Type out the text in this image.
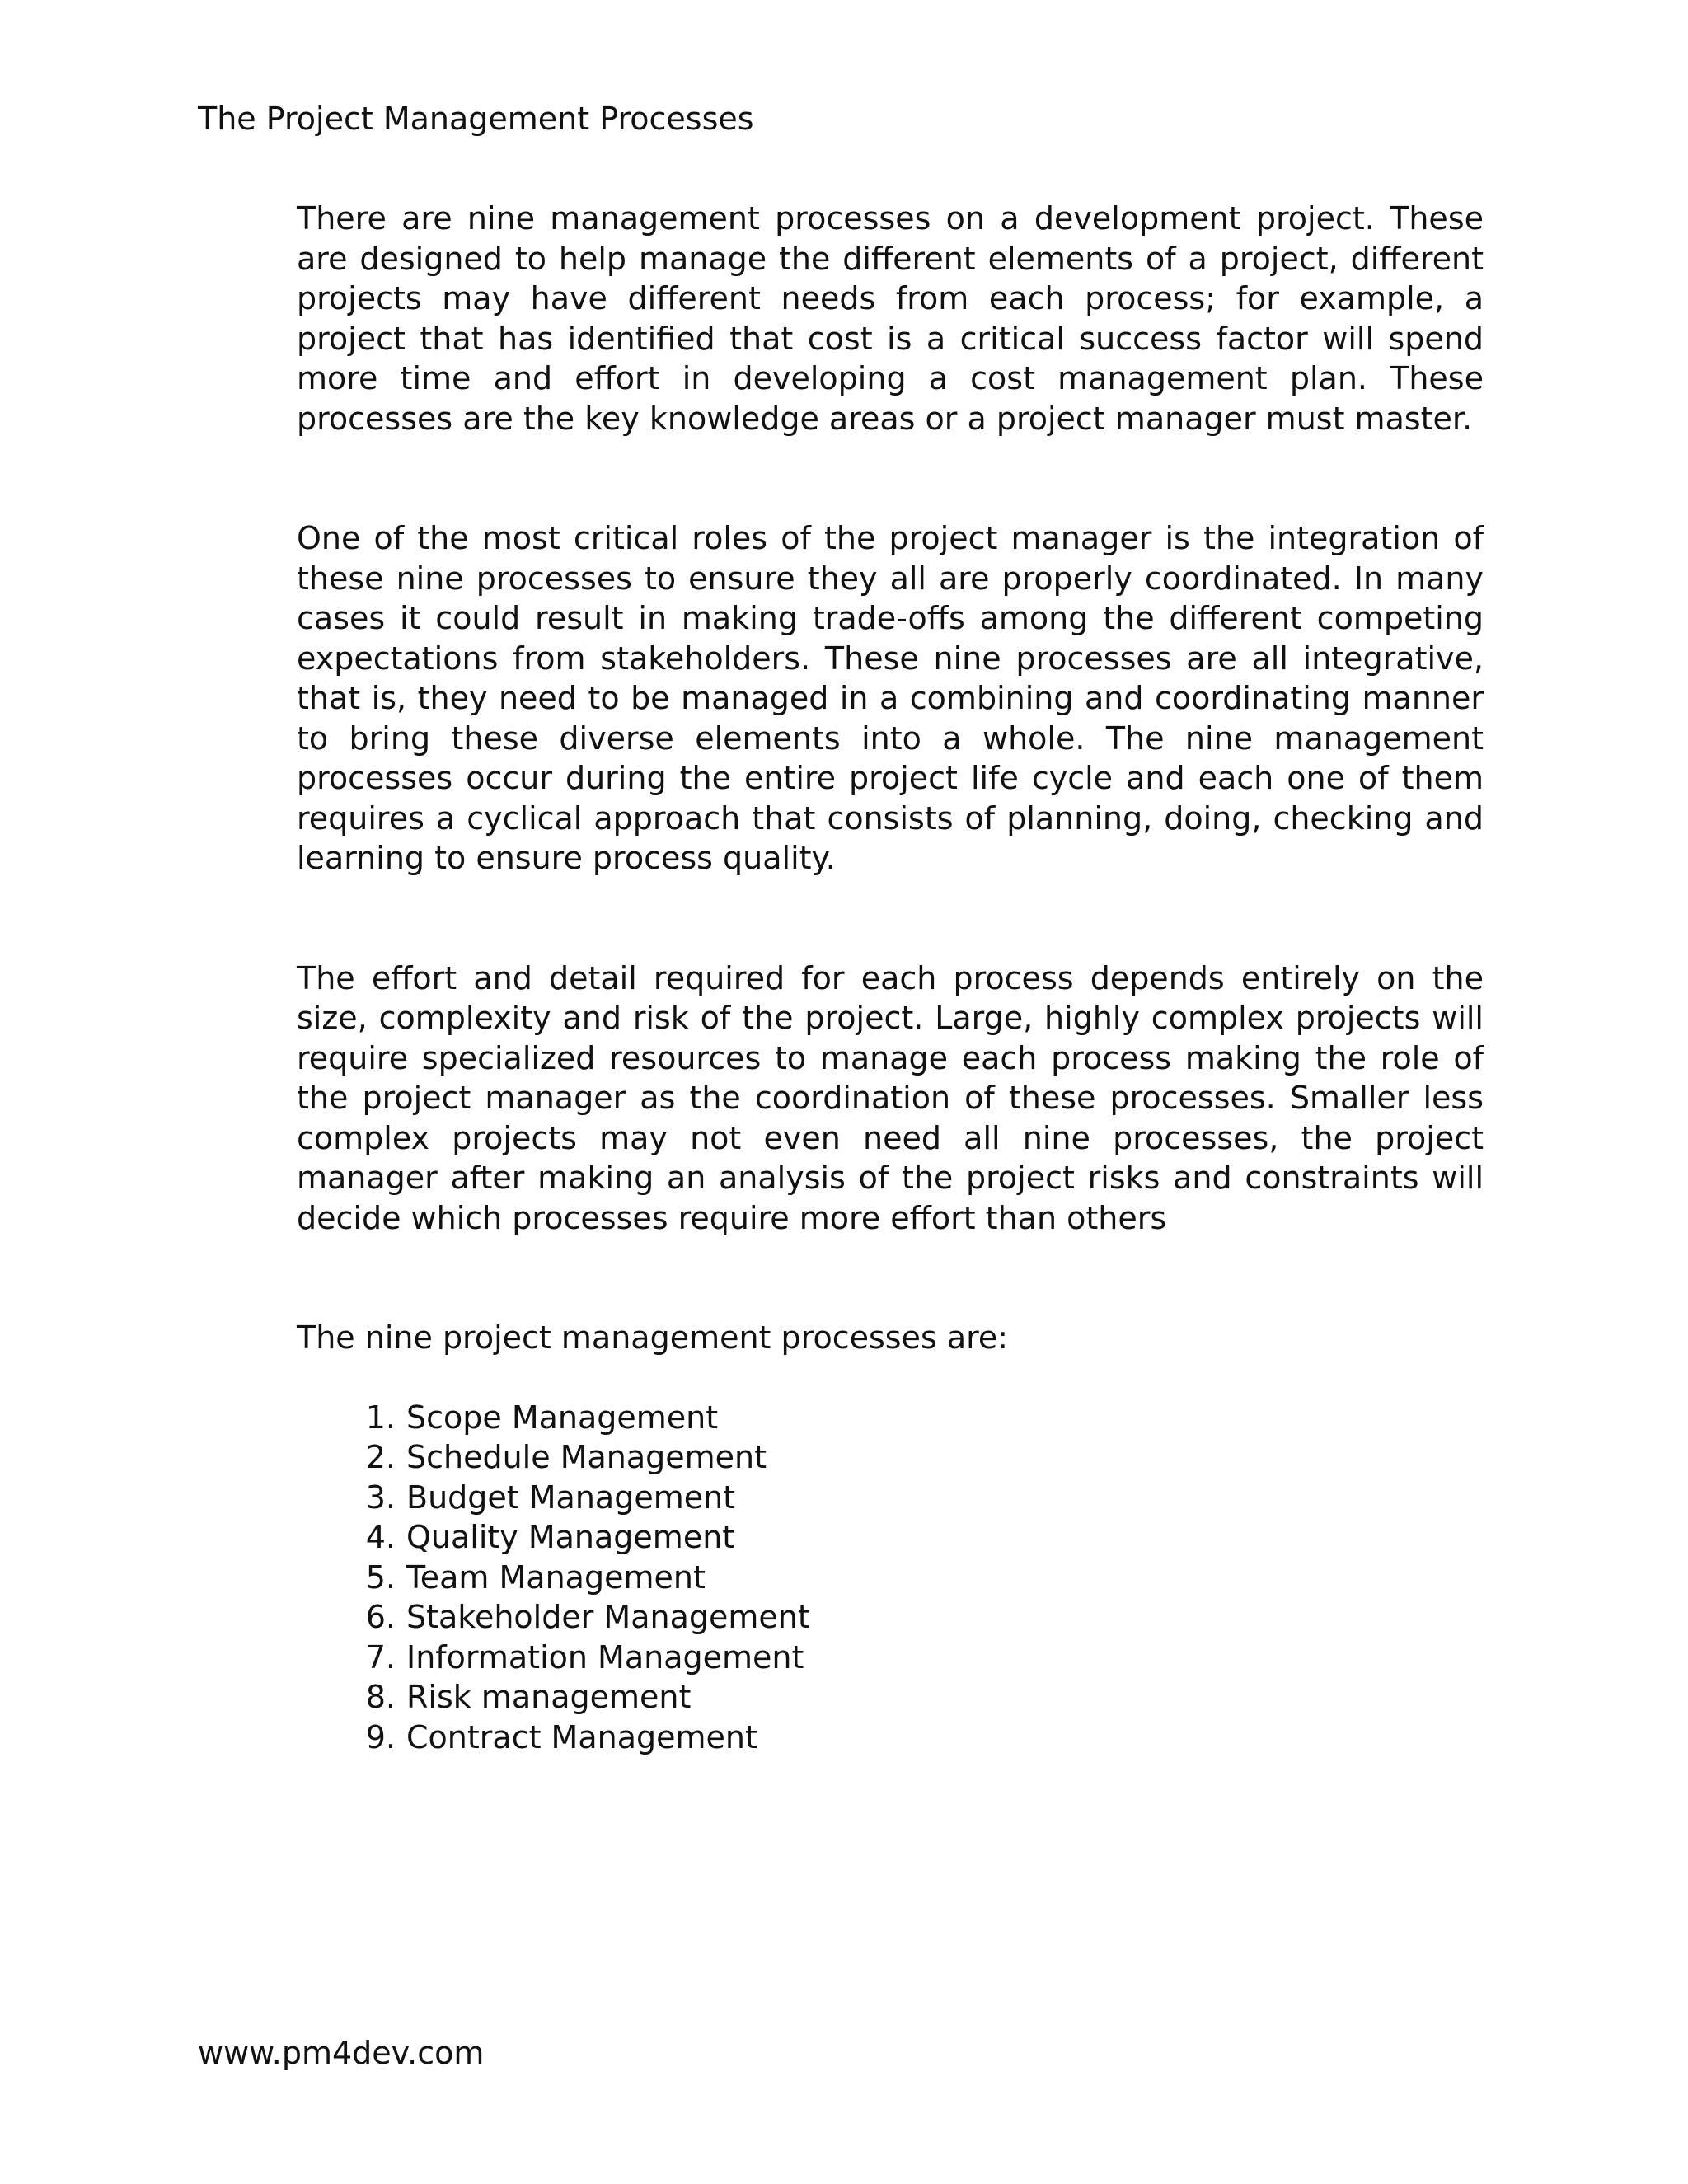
The Project Management Processes

There are nine management processes on a development project. These are designed to help manage the different elements of a project, different projects may have different needs from each process; for example, a project that has identified that cost is a critical success factor will spend more time and effort in developing a cost management plan. These processes are the key knowledge areas or a project manager must master.

One of the most critical roles of the project manager is the integration of these nine processes to ensure they all are properly coordinated. In many cases it could result in making trade-offs among the different competing expectations from stakeholders. These nine processes are all integrative, that is, they need to be managed in a combining and coordinating manner to bring these diverse elements into a whole. The nine management processes occur during the entire project life cycle and each one of them requires a cyclical approach that consists of planning, doing, checking and learning to ensure process quality.

The effort and detail required for each process depends entirely on the size, complexity and risk of the project. Large, highly complex projects will require specialized resources to manage each process making the role of the project manager as the coordination of these processes. Smaller less complex projects may not even need all nine processes, the project manager after making an analysis of the project risks and constraints will decide which processes require more effort than others

The nine project management processes are:

1. Scope Management
2. Schedule Management
3. Budget Management
4. Quality Management
5. Team Management
6. Stakeholder Management
7. Information Management
8. Risk management
9. Contract Management
www.pm4dev.com
